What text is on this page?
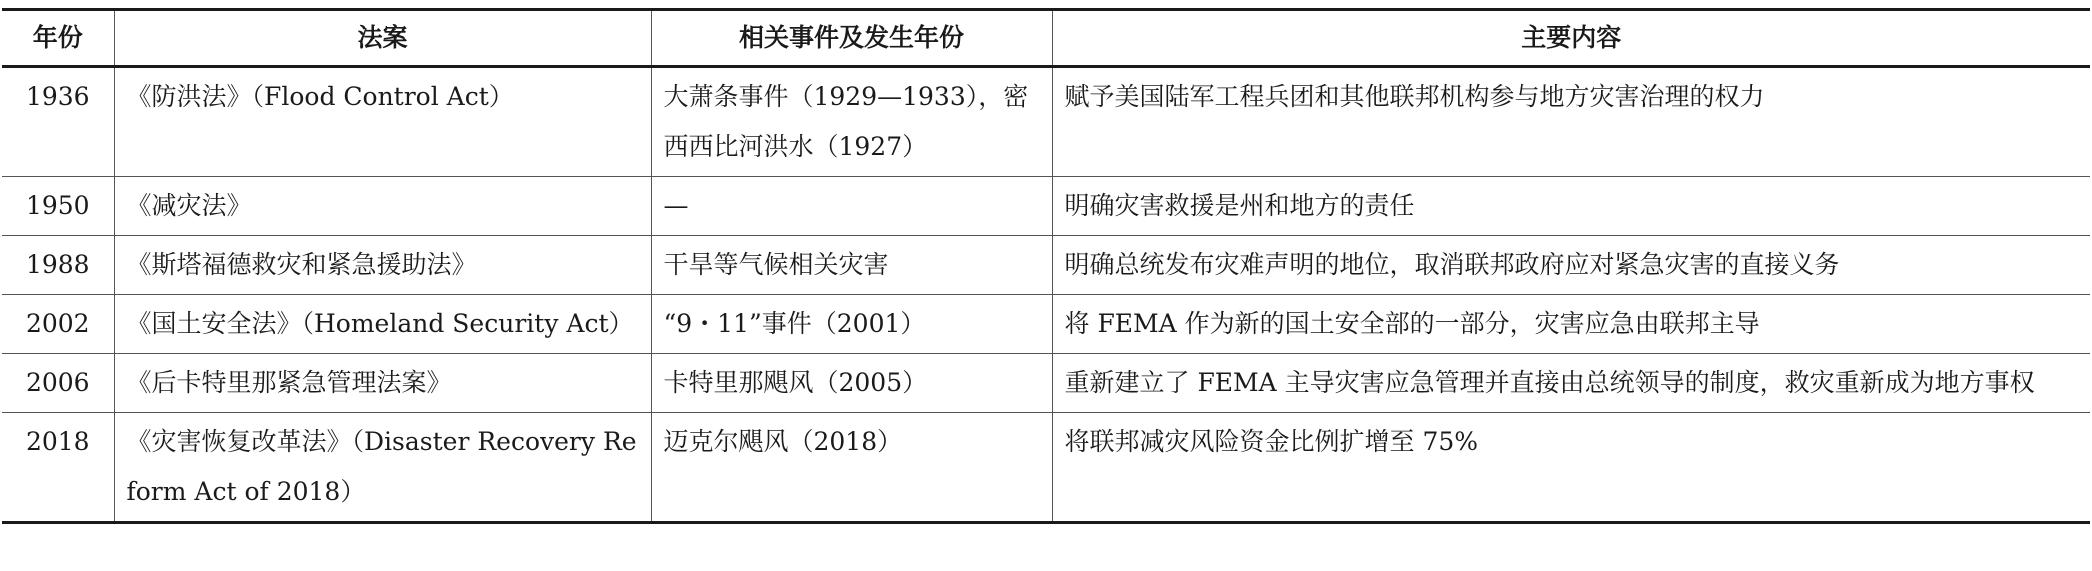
年份	法案	相关事件及发生年份	主要内容
1936	《防洪法》（Flood Control Act）	大萧条事件（1929—1933），密西西比河洪水（1927）	赋予美国陆军工程兵团和其他联邦机构参与地方灾害治理的权力
1950	《减灾法》	—	明确灾害救援是州和地方的责任
1988	《斯塔福德救灾和紧急援助法》	干旱等气候相关灾害	明确总统发布灾难声明的地位，取消联邦政府应对紧急灾害的直接义务
2002	《国土安全法》（Homeland Security Act）	“9・11”事件（2001）	将 FEMA 作为新的国土安全部的一部分，灾害应急由联邦主导
2006	《后卡特里那紧急管理法案》	卡特里那飓风（2005）	重新建立了 FEMA 主导灾害应急管理并直接由总统领导的制度，救灾重新成为地方事权
2018	《灾害恢复改革法》（Disaster Recovery Reform Act of 2018）	迈克尔飓风（2018）	将联邦减灾风险资金比例扩增至 75%
